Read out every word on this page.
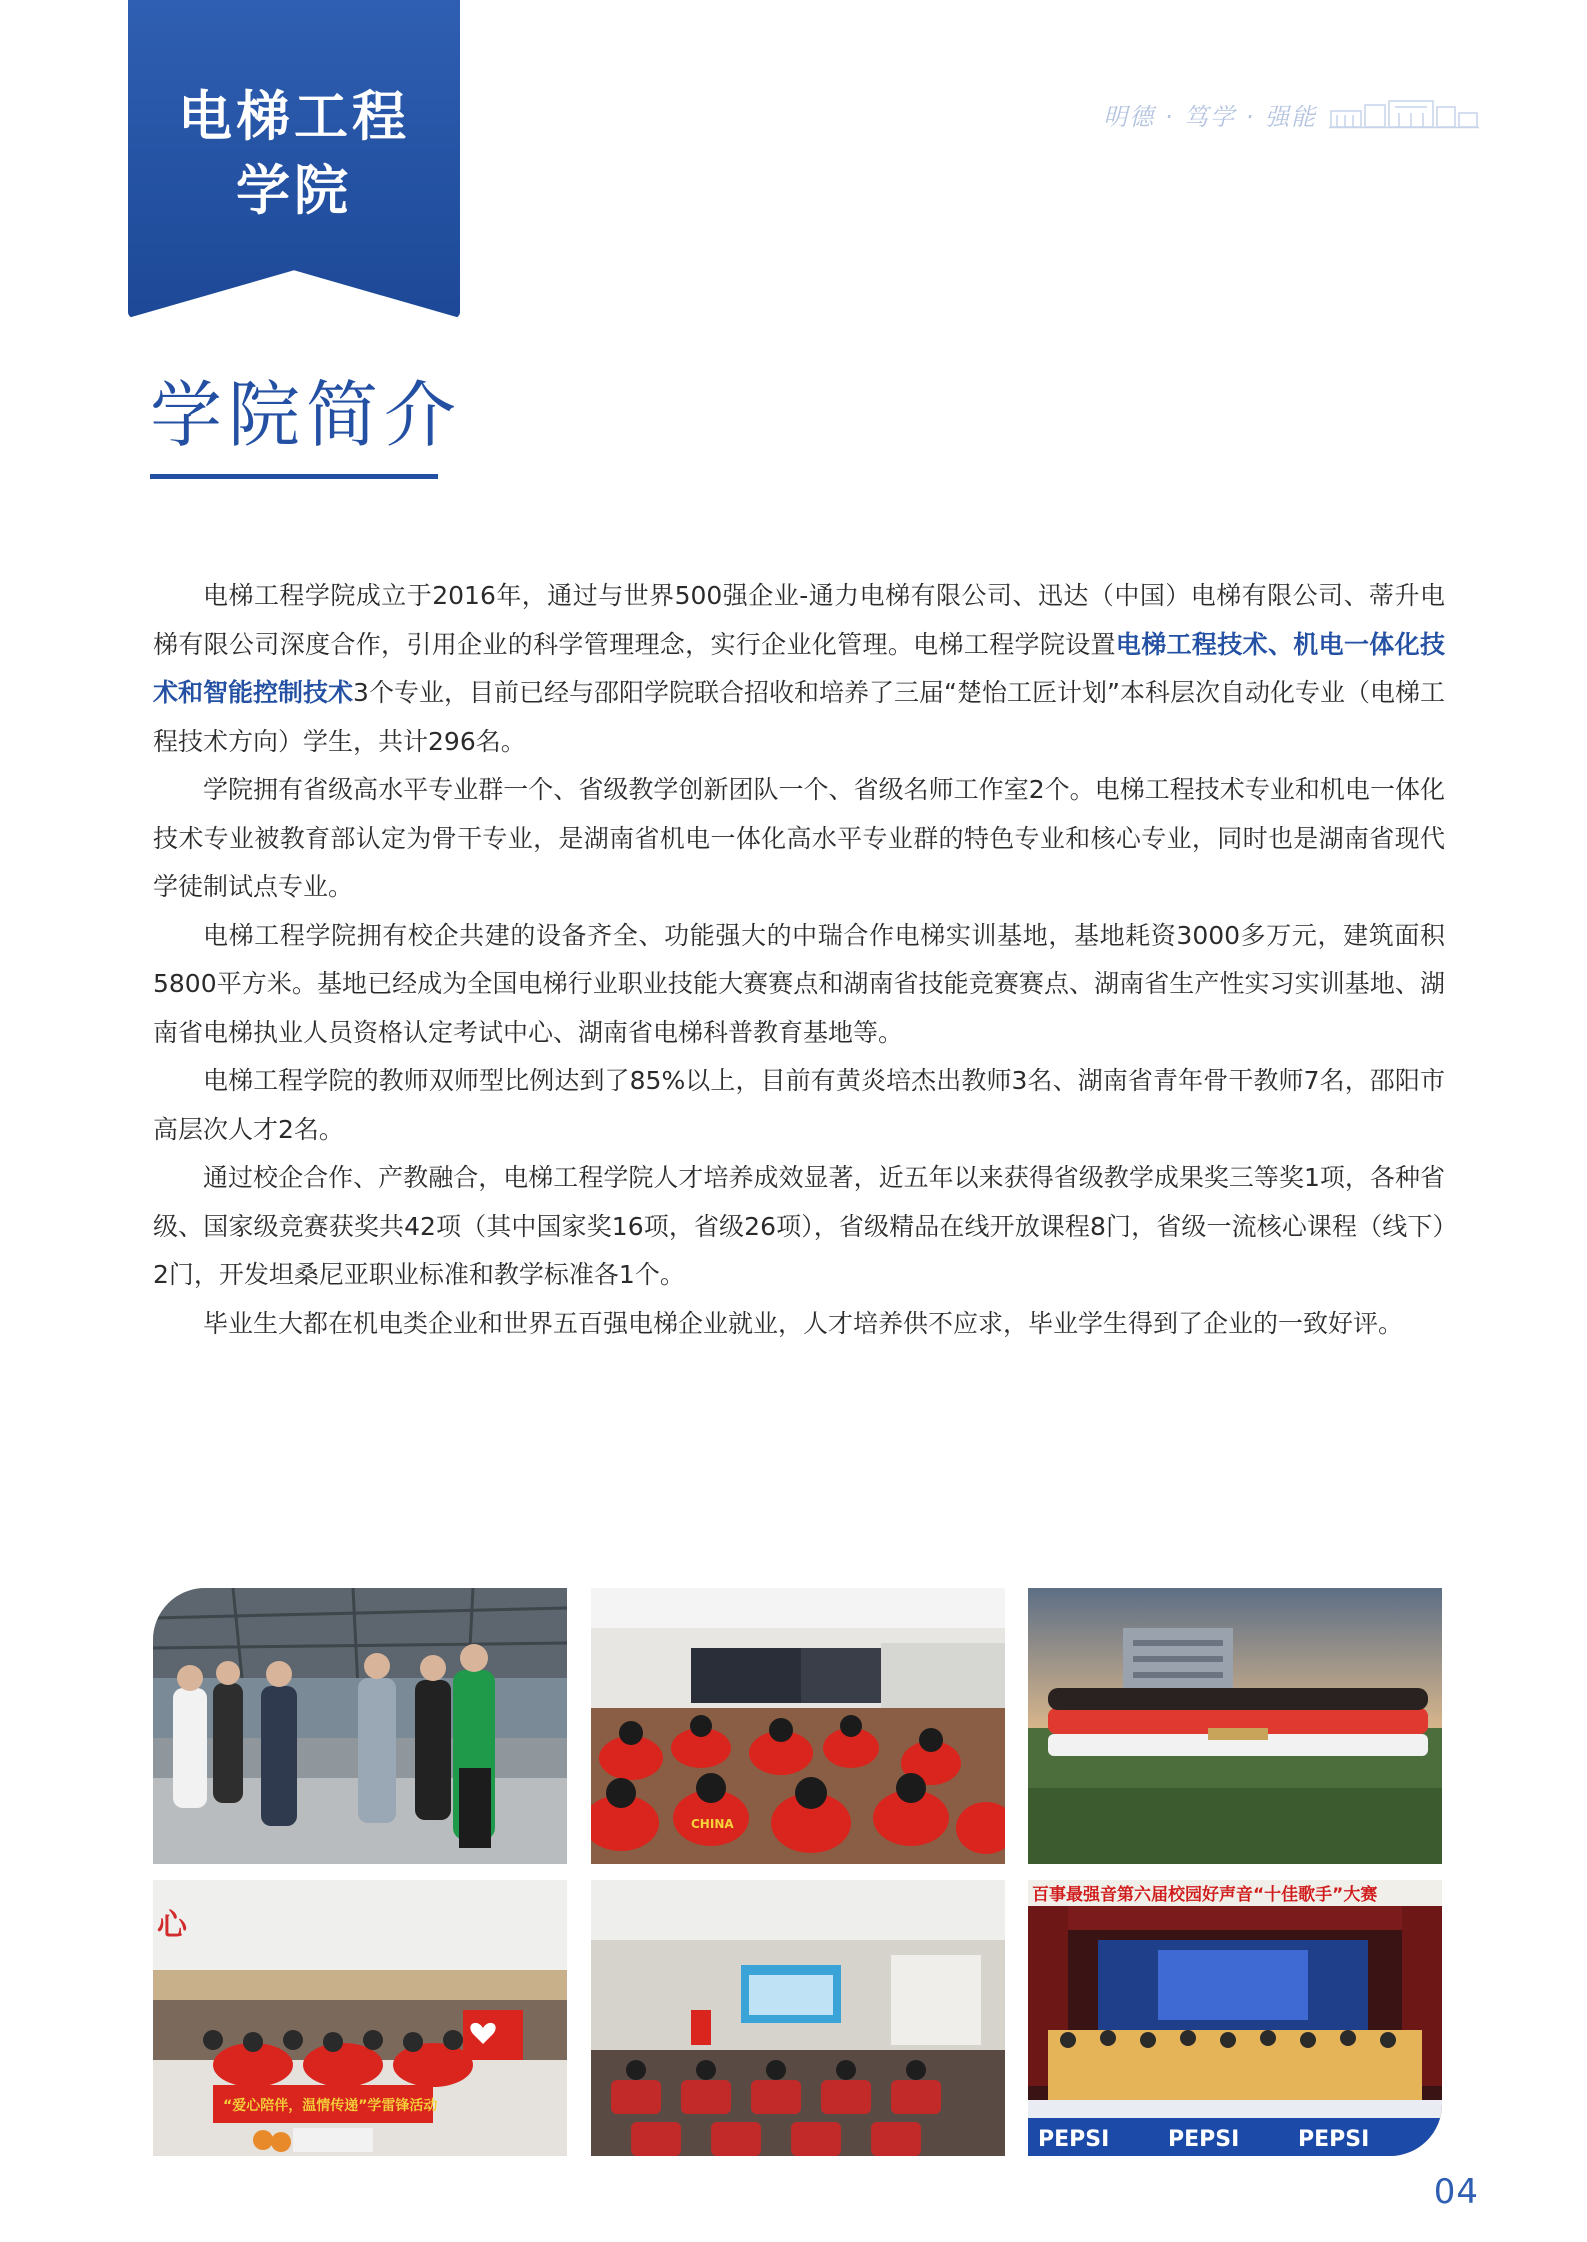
电梯工程
学院
明德 · 笃学 · 强能
学院简介

电梯工程学院成立于2016年，通过与世界500强企业-通力电梯有限公司、迅达（中国）电梯有限公司、蒂升电梯有限公司深度合作，引用企业的科学管理理念，实行企业化管理。电梯工程学院设置电梯工程技术、机电一体化技术和智能控制技术3个专业，目前已经与邵阳学院联合招收和培养了三届“楚怡工匠计划”本科层次自动化专业（电梯工程技术方向）学生，共计296名。

学院拥有省级高水平专业群一个、省级教学创新团队一个、省级名师工作室2个。电梯工程技术专业和机电一体化技术专业被教育部认定为骨干专业，是湖南省机电一体化高水平专业群的特色专业和核心专业，同时也是湖南省现代学徒制试点专业。

电梯工程学院拥有校企共建的设备齐全、功能强大的中瑞合作电梯实训基地，基地耗资3000多万元，建筑面积5800平方米。基地已经成为全国电梯行业职业技能大赛赛点和湖南省技能竞赛赛点、湖南省生产性实习实训基地、湖南省电梯执业人员资格认定考试中心、湖南省电梯科普教育基地等。

电梯工程学院的教师双师型比例达到了85%以上，目前有黄炎培杰出教师3名、湖南省青年骨干教师7名，邵阳市高层次人才2名。

通过校企合作、产教融合，电梯工程学院人才培养成效显著，近五年以来获得省级教学成果奖三等奖1项，各种省级、国家级竞赛获奖共42项（其中国家奖16项，省级26项），省级精品在线开放课程8门，省级一流核心课程（线下）2门，开发坦桑尼亚职业标准和教学标准各1个。

毕业生大都在机电类企业和世界五百强电梯企业就业，人才培养供不应求，毕业学生得到了企业的一致好评。

CHINA
心
“爱心陪伴，温情传递”学雷锋活动
百事最强音第六届校园好声音“十佳歌手”大赛
PEPSI	PEPSI	PEPSI
04
